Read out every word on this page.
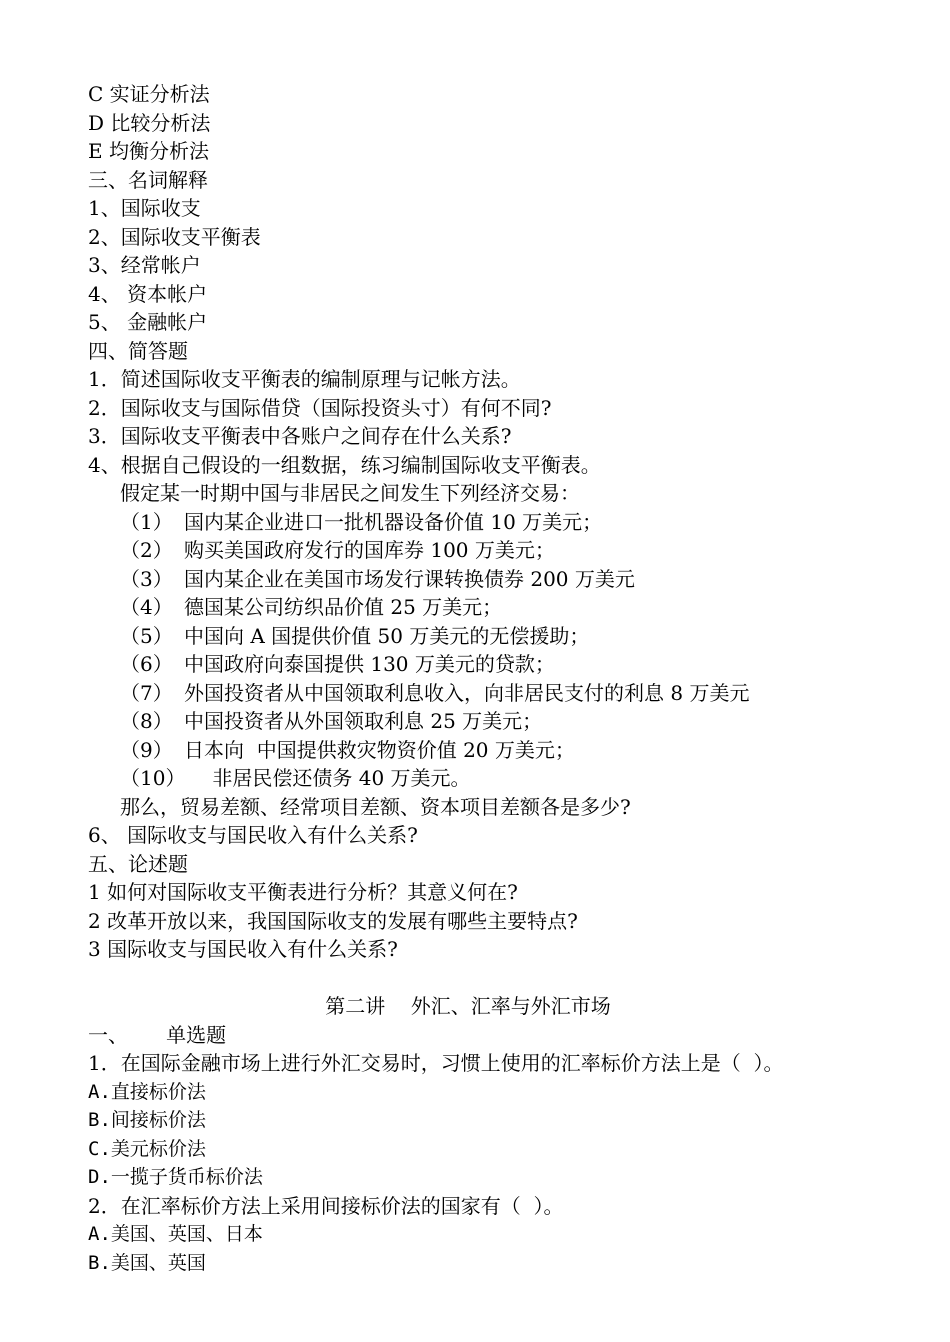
C 实证分析法
D 比较分析法
E 均衡分析法
三、名词解释
1、国际收支
2、国际收支平衡表
3、经常帐户
4、 资本帐户
5、 金融帐户
四、简答题
1．简述国际收支平衡表的编制原理与记帐方法。
2．国际收支与国际借贷（国际投资头寸）有何不同?
3．国际收支平衡表中各账户之间存在什么关系?
4、根据自己假设的一组数据，练习编制国际收支平衡表。
假定某一时期中国与非居民之间发生下列经济交易：
（1） 国内某企业进口一批机器设备价值 10 万美元；
（2） 购买美国政府发行的国库券 100 万美元；
（3） 国内某企业在美国市场发行课转换债券 200 万美元
（4） 德国某公司纺织品价值 25 万美元；
（5） 中国向 A 国提供价值 50 万美元的无偿援助；
（6） 中国政府向泰国提供 130 万美元的贷款；
（7） 外国投资者从中国领取利息收入，向非居民支付的利息 8 万美元
（8） 中国投资者从外国领取利息 25 万美元；
（9） 日本向  中国提供救灾物资价值 20 万美元；
（10） 非居民偿还债务 40 万美元。
那么，贸易差额、经常项目差额、资本项目差额各是多少?
6、 国际收支与国民收入有什么关系?
五、论述题
1 如何对国际收支平衡表进行分析？其意义何在?
2 改革开放以来，我国国际收支的发展有哪些主要特点?
3 国际收支与国民收入有什么关系?
第二讲    外汇、汇率与外汇市场
一、      单选题
1．在国际金融市场上进行外汇交易时，习惯上使用的汇率标价方法上是（  ）。
A.直接标价法
B.间接标价法
C.美元标价法
D.一揽子货币标价法
2．在汇率标价方法上采用间接标价法的国家有（  ）。
A.美国、英国、日本
B.美国、英国
